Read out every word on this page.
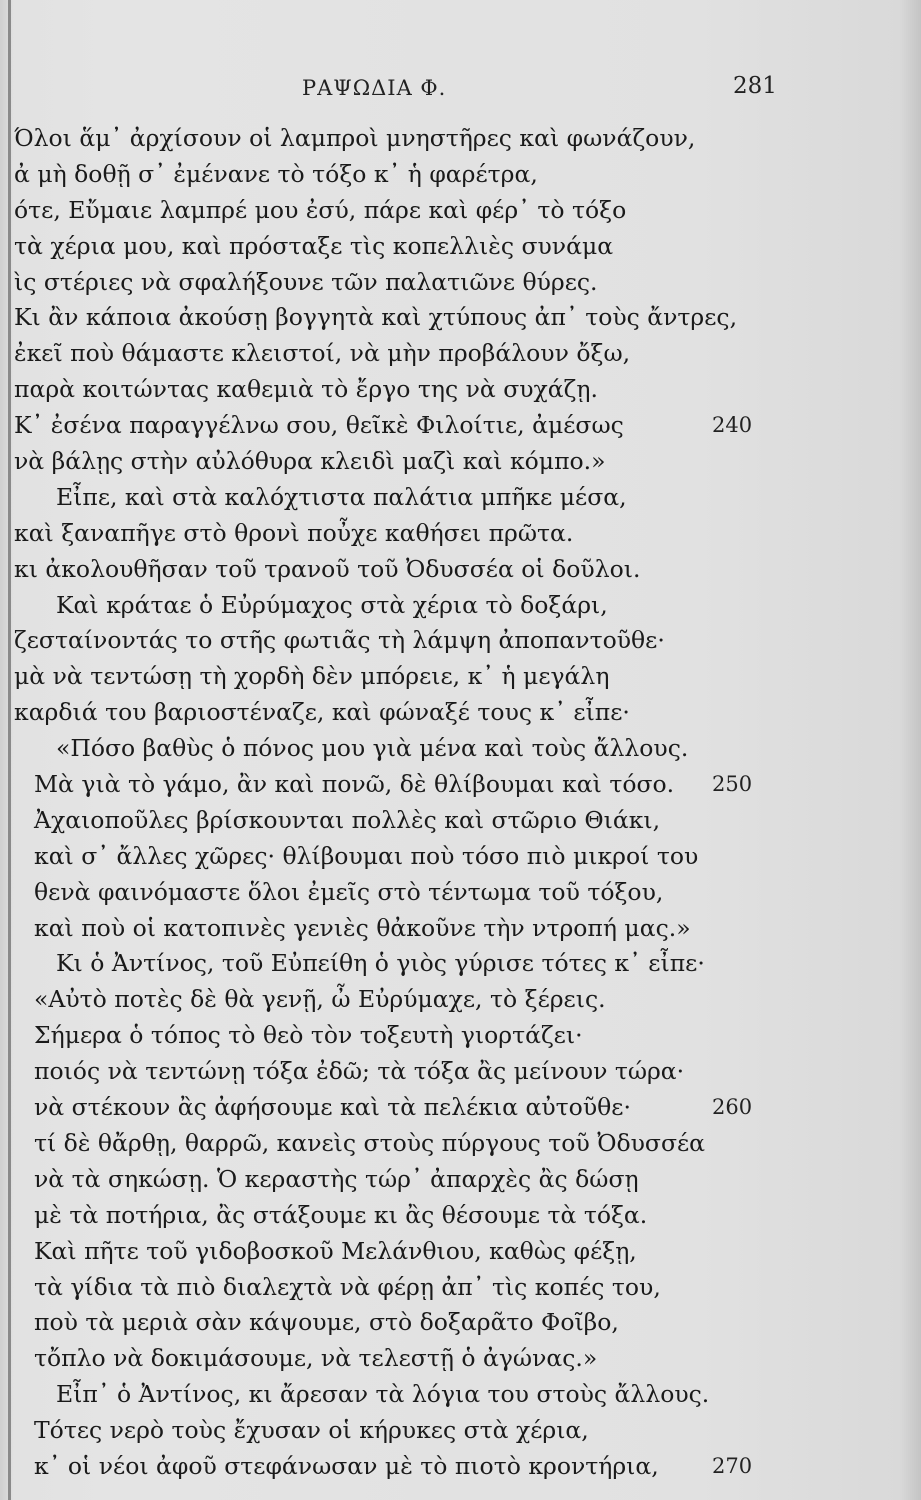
ΡΑΨΩΔΙΑ Φ.	281
Όλοι ἅμ᾽ ἀρχίσουν οἱ λαμπροὶ μνηστῆρες καὶ φωνάζουν,
ἀ μὴ δοθῇ σ᾽ ἐμένανε τὸ τόξο κ᾽ ἡ φαρέτρα,
ότε, Εὔμαιε λαμπρέ μου ἐσύ, πάρε καὶ φέρ᾽ τὸ τόξο
τὰ χέρια μου, καὶ πρόσταξε τὶς κοπελλιὲς συνάμα
ὶς στέριες νὰ σφαλήξουνε τῶν παλατιῶνε θύρες.
Κι ἂν κάποια ἀκούσῃ βογγητὰ καὶ χτύπους ἀπ᾽ τοὺς ἄντρες,
ἐκεῖ ποὺ θάμαστε κλειστοί, νὰ μὴν προβάλουν ὄξω,
παρὰ κοιτώντας καθεμιὰ τὸ ἔργο της νὰ συχάζῃ.
Κ᾽ ἐσένα παραγγέλνω σου, θεῖκὲ Φιλοίτιε, ἀμέσως	240
νὰ βάλῃς στὴν αὐλόθυρα κλειδὶ μαζὶ καὶ κόμπο.»
Εἶπε, καὶ στὰ καλόχτιστα παλάτια μπῆκε μέσα,
καὶ ξαναπῆγε στὸ θρονὶ ποὖχε καθήσει πρῶτα.
κι ἀκολουθῆσαν τοῦ τρανοῦ τοῦ Ὀδυσσέα οἱ δοῦλοι.
Καὶ κράταε ὁ Εὐρύμαχος στὰ χέρια τὸ δοξάρι,
ζεσταίνοντάς το στῆς φωτιᾶς τὴ λάμψη ἀποπαντοῦθε·
μὰ νὰ τεντώσῃ τὴ χορδὴ δὲν μπόρειε, κ᾽ ἡ μεγάλη
καρδιά του βαριοστέναζε, καὶ φώναξέ τους κ᾽ εἶπε·
«Πόσο βαθὺς ὁ πόνος μου γιὰ μένα καὶ τοὺς ἄλλους.
Μὰ γιὰ τὸ γάμο, ἂν καὶ πονῶ, δὲ θλίβουμαι καὶ τόσο. 250
Ἀχαιοποῦλες βρίσκουνται πολλὲς καὶ στῶριο Θιάκι,
καὶ σ᾽ ἄλλες χῶρες· θλίβουμαι ποὺ τόσο πιὸ μικροί του
θενὰ φαινόμαστε ὅλοι ἐμεῖς στὸ τέντωμα τοῦ τόξου,
καὶ ποὺ οἱ κατοπινὲς γενιὲς θἀκοῦνε τὴν ντροπή μας.»
Κι ὁ Ἀντίνος, τοῦ Εὐπείθη ὁ γιὸς γύρισε τότες κ᾽ εἶπε·
«Αὐτὸ ποτὲς δὲ θὰ γενῇ, ὦ Εὐρύμαχε, τὸ ξέρεις.
Σήμερα ὁ τόπος τὸ θεὸ τὸν τοξευτὴ γιορτάζει·
ποιός νὰ τεντώνῃ τόξα ἐδῶ; τὰ τόξα ἂς μείνουν τώρα·
νὰ στέκουν ἂς ἀφήσουμε καὶ τὰ πελέκια αὐτοῦθε·	260
τί δὲ θἄρθῃ, θαρρῶ, κανεὶς στοὺς πύργους τοῦ Ὀδυσσέα
νὰ τὰ σηκώσῃ. Ὁ κεραστὴς τώρ᾽ ἀπαρχὲς ἂς δώσῃ
μὲ τὰ ποτήρια, ἂς στάξουμε κι ἂς θέσουμε τὰ τόξα.
Καὶ πῆτε τοῦ γιδοβοσκοῦ Μελάνθιου, καθὼς φέξῃ,
τὰ γίδια τὰ πιὸ διαλεχτὰ νὰ φέρῃ ἀπ᾽ τὶς κοπές του,
ποὺ τὰ μεριὰ σὰν κάψουμε, στὸ δοξαρᾶτο Φοῖβο,
τὄπλο νὰ δοκιμάσουμε, νὰ τελεστῇ ὁ ἀγώνας.»
Εἶπ᾽ ὁ Ἀντίνος, κι ἄρεσαν τὰ λόγια του στοὺς ἄλλους.
Τότες νερὸ τοὺς ἔχυσαν οἱ κήρυκες στὰ χέρια,
κ᾽ οἱ νέοι ἀφοῦ στεφάνωσαν μὲ τὸ πιοτὸ κροντήρια,	270
